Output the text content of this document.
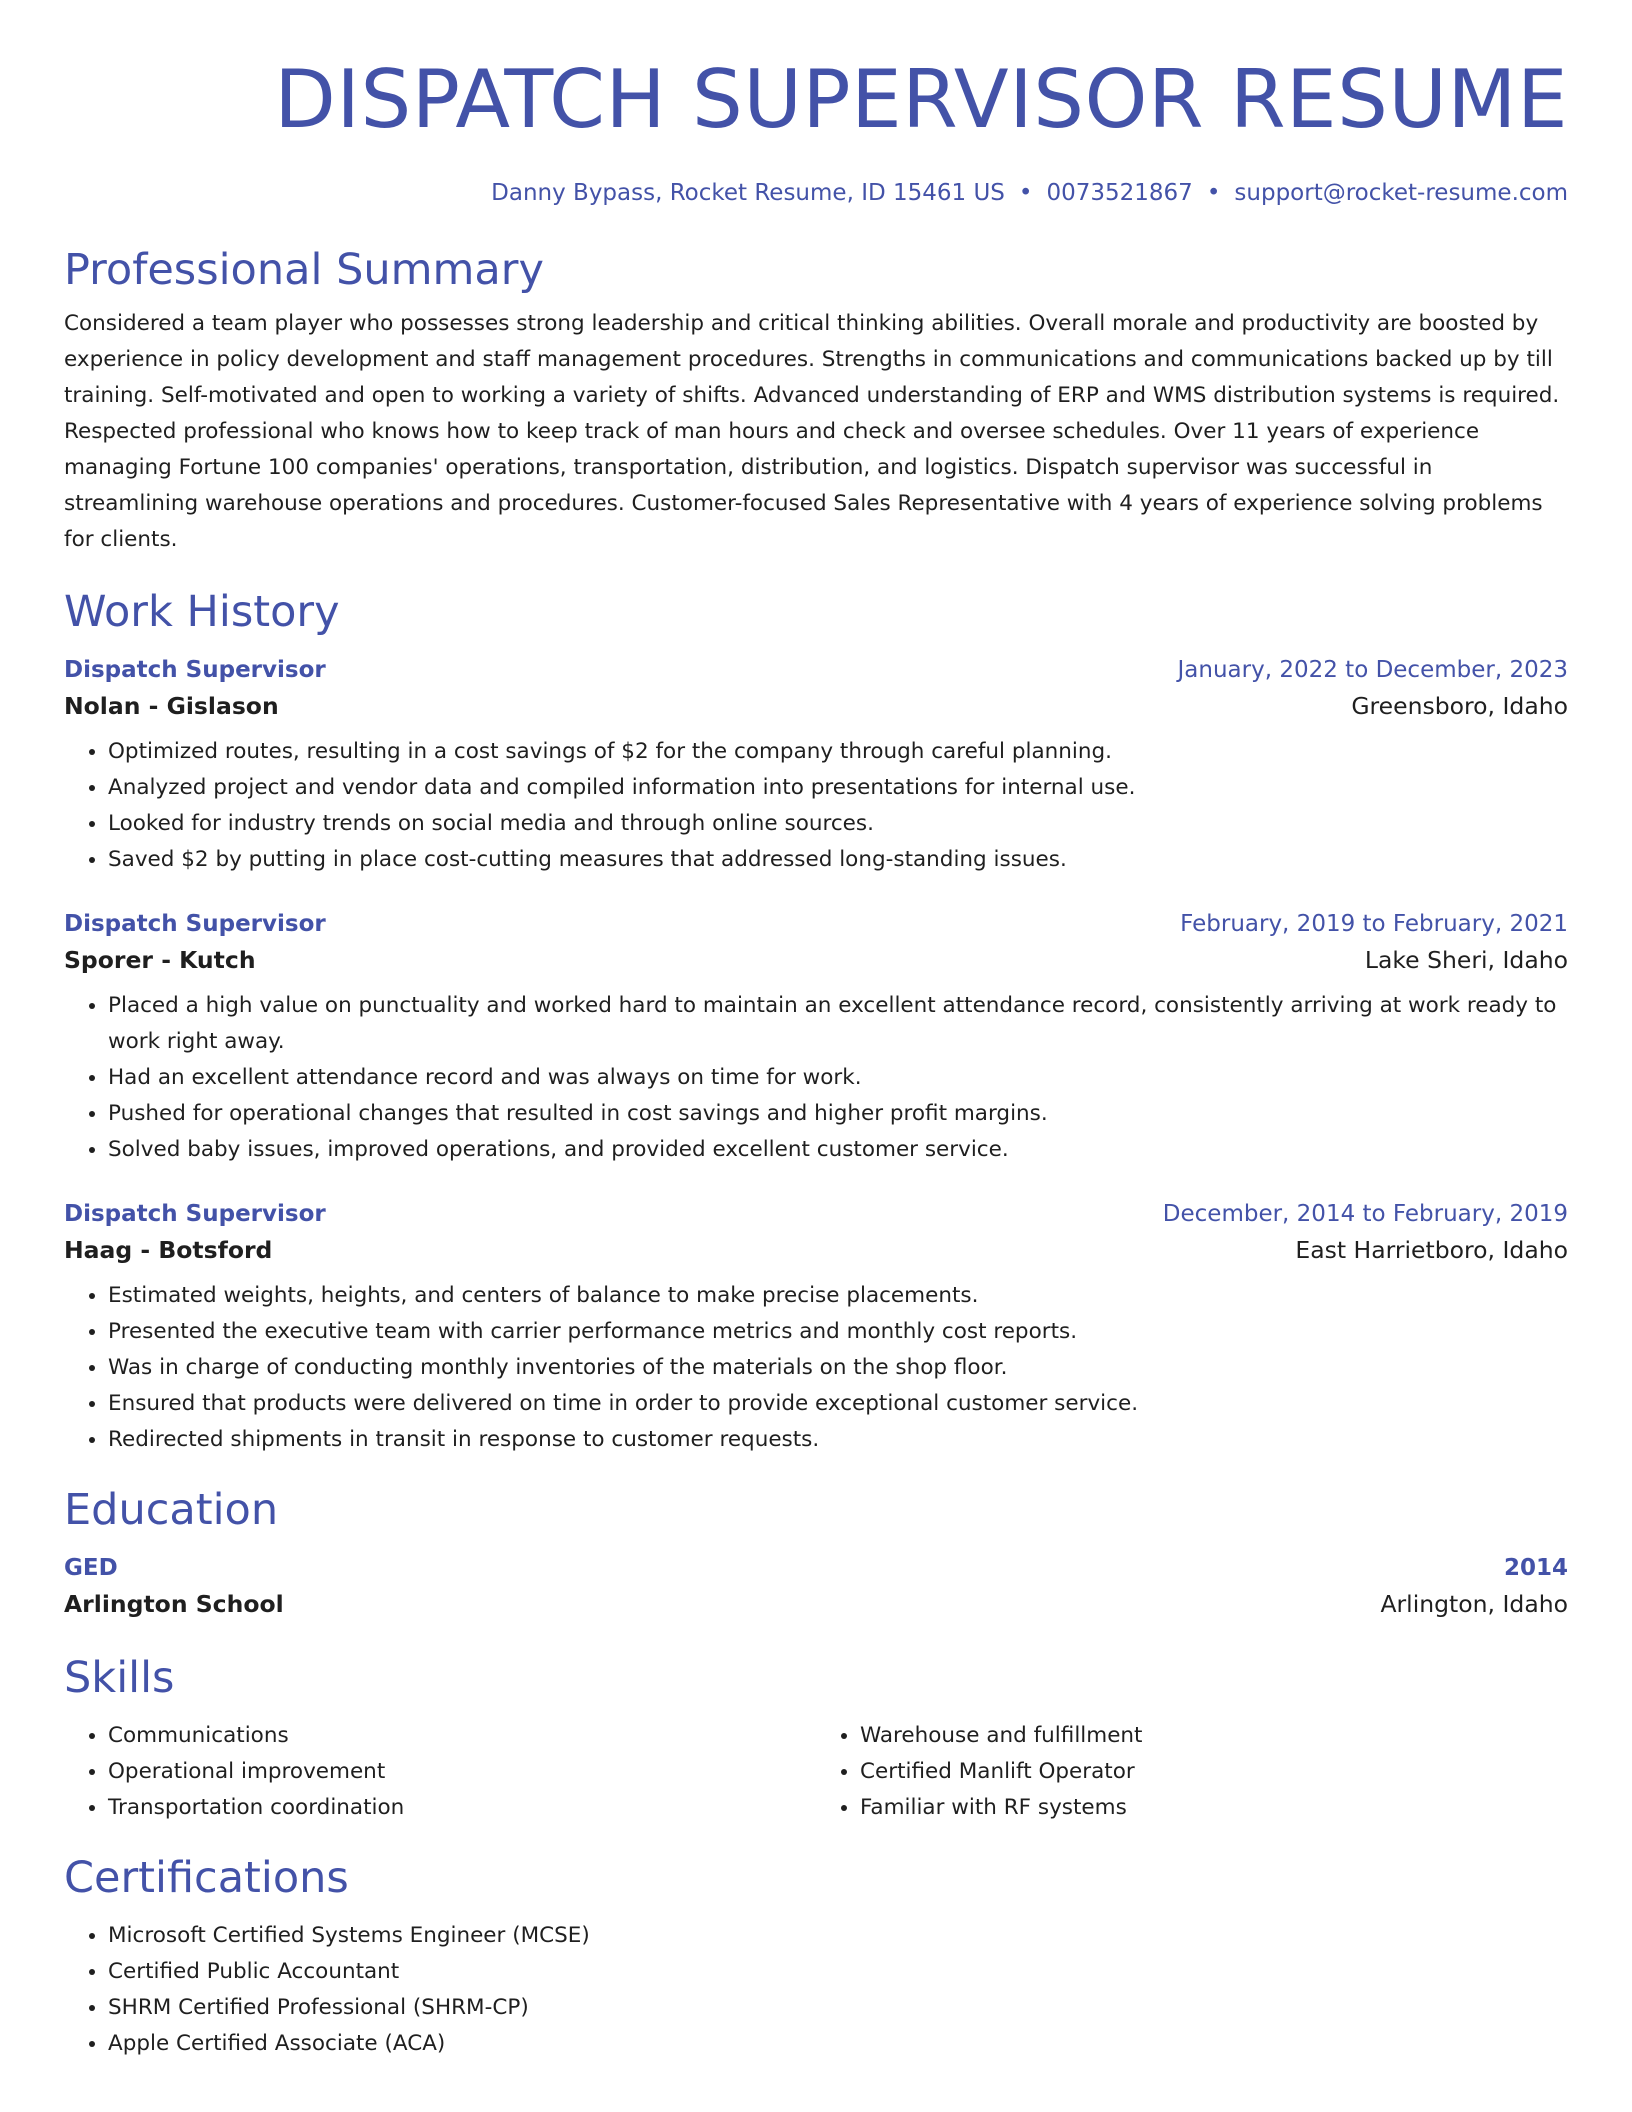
DISPATCH SUPERVISOR RESUME
Danny Bypass, Rocket Resume, ID 15461 US • 0073521867 • support@rocket-resume.com
Professional Summary

Considered a team player who possesses strong leadership and critical thinking abilities. Overall morale and productivity are boosted by experience in policy development and staff management procedures. Strengths in communications and communications backed up by till training. Self-motivated and open to working a variety of shifts. Advanced understanding of ERP and WMS distribution systems is required. Respected professional who knows how to keep track of man hours and check and oversee schedules. Over 11 years of experience managing Fortune 100 companies' operations, transportation, distribution, and logistics. Dispatch supervisor was successful in streamlining warehouse operations and procedures. Customer-focused Sales Representative with 4 years of experience solving problems for clients.

Work History
Dispatch Supervisor	January, 2022 to December, 2023
Nolan - Gislason	Greensboro, Idaho
• Optimized routes, resulting in a cost savings of $2 for the company through careful planning.
• Analyzed project and vendor data and compiled information into presentations for internal use.
• Looked for industry trends on social media and through online sources.
• Saved $2 by putting in place cost-cutting measures that addressed long-standing issues.
Dispatch Supervisor	February, 2019 to February, 2021
Sporer - Kutch	Lake Sheri, Idaho
• Placed a high value on punctuality and worked hard to maintain an excellent attendance record, consistently arriving at work ready to work right away.
• Had an excellent attendance record and was always on time for work.
• Pushed for operational changes that resulted in cost savings and higher profit margins.
• Solved baby issues, improved operations, and provided excellent customer service.
Dispatch Supervisor	December, 2014 to February, 2019
Haag - Botsford	East Harrietboro, Idaho
• Estimated weights, heights, and centers of balance to make precise placements.
• Presented the executive team with carrier performance metrics and monthly cost reports.
• Was in charge of conducting monthly inventories of the materials on the shop floor.
• Ensured that products were delivered on time in order to provide exceptional customer service.
• Redirected shipments in transit in response to customer requests.
Education
GED	2014
Arlington School	Arlington, Idaho
Skills
• Communications
• Operational improvement
• Transportation coordination
• Warehouse and fulfillment
• Certified Manlift Operator
• Familiar with RF systems
Certifications
• Microsoft Certified Systems Engineer (MCSE)
• Certified Public Accountant
• SHRM Certified Professional (SHRM-CP)
• Apple Certified Associate (ACA)
